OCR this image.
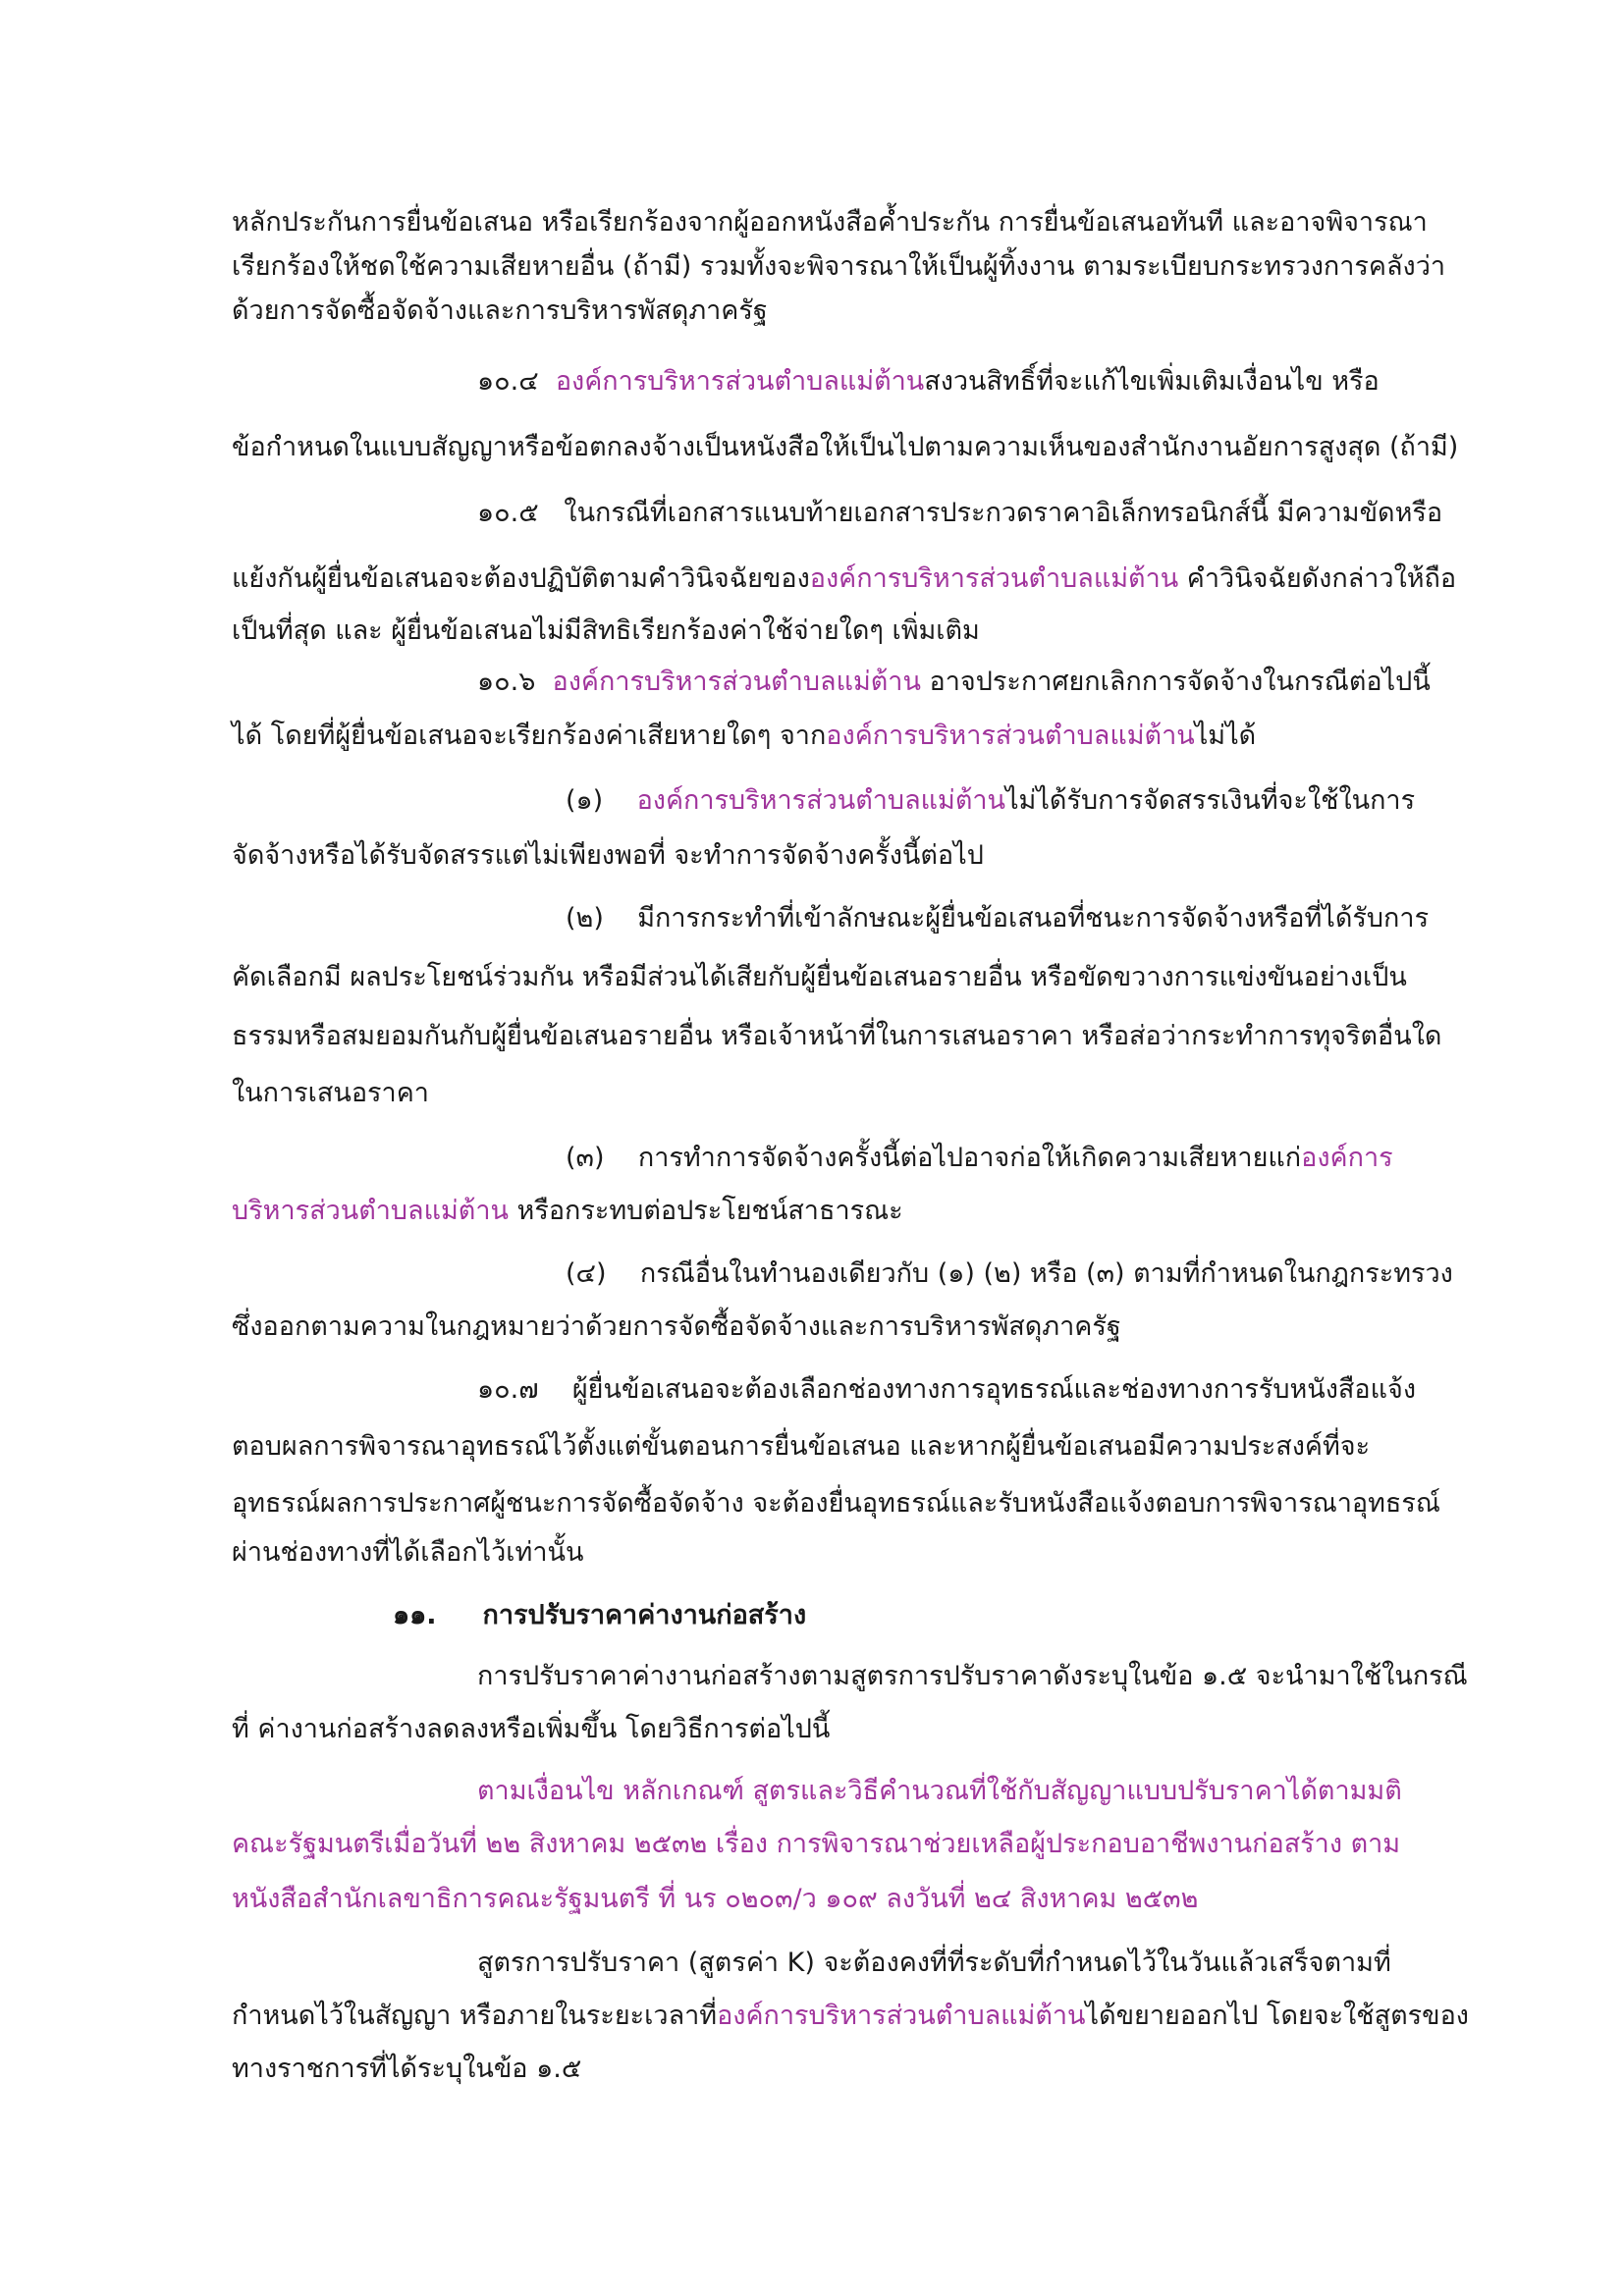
หลักประกันการยื่นข้อเสนอ หรือเรียกร้องจากผู้ออกหนังสือค้ำประกัน การยื่นข้อเสนอทันที และอาจพิจารณา
เรียกร้องให้ชดใช้ความเสียหายอื่น (ถ้ามี) รวมทั้งจะพิจารณาให้เป็นผู้ทิ้งงาน ตามระเบียบกระทรวงการคลังว่า
ด้วยการจัดซื้อจัดจ้างและการบริหารพัสดุภาครัฐ
๑๐.๔ องค์การบริหารส่วนตำบลแม่ต้านสงวนสิทธิ์ที่จะแก้ไขเพิ่มเติมเงื่อนไข หรือ
ข้อกำหนดในแบบสัญญาหรือข้อตกลงจ้างเป็นหนังสือให้เป็นไปตามความเห็นของสำนักงานอัยการสูงสุด (ถ้ามี)
๑๐.๕ ในกรณีที่เอกสารแนบท้ายเอกสารประกวดราคาอิเล็กทรอนิกส์นี้ มีความขัดหรือ
แย้งกันผู้ยื่นข้อเสนอจะต้องปฏิบัติตามคำวินิจฉัยขององค์การบริหารส่วนตำบลแม่ต้าน คำวินิจฉัยดังกล่าวให้ถือ
เป็นที่สุด และ ผู้ยื่นข้อเสนอไม่มีสิทธิเรียกร้องค่าใช้จ่ายใดๆ เพิ่มเติม
๑๐.๖ องค์การบริหารส่วนตำบลแม่ต้าน อาจประกาศยกเลิกการจัดจ้างในกรณีต่อไปนี้
ได้ โดยที่ผู้ยื่นข้อเสนอจะเรียกร้องค่าเสียหายใดๆ จากองค์การบริหารส่วนตำบลแม่ต้านไม่ได้
(๑) องค์การบริหารส่วนตำบลแม่ต้านไม่ได้รับการจัดสรรเงินที่จะใช้ในการ
จัดจ้างหรือได้รับจัดสรรแต่ไม่เพียงพอที่ จะทำการจัดจ้างครั้งนี้ต่อไป
(๒) มีการกระทำที่เข้าลักษณะผู้ยื่นข้อเสนอที่ชนะการจัดจ้างหรือที่ได้รับการ
คัดเลือกมี ผลประโยชน์ร่วมกัน หรือมีส่วนได้เสียกับผู้ยื่นข้อเสนอรายอื่น หรือขัดขวางการแข่งขันอย่างเป็น
ธรรมหรือสมยอมกันกับผู้ยื่นข้อเสนอรายอื่น หรือเจ้าหน้าที่ในการเสนอราคา หรือส่อว่ากระทำการทุจริตอื่นใด
ในการเสนอราคา
(๓) การทำการจัดจ้างครั้งนี้ต่อไปอาจก่อให้เกิดความเสียหายแก่องค์การ
บริหารส่วนตำบลแม่ต้าน หรือกระทบต่อประโยชน์สาธารณะ
(๔) กรณีอื่นในทำนองเดียวกับ (๑) (๒) หรือ (๓) ตามที่กำหนดในกฎกระทรวง
ซึ่งออกตามความในกฎหมายว่าด้วยการจัดซื้อจัดจ้างและการบริหารพัสดุภาครัฐ
๑๐.๗ ผู้ยื่นข้อเสนอจะต้องเลือกช่องทางการอุทธรณ์และช่องทางการรับหนังสือแจ้ง
ตอบผลการพิจารณาอุทธรณ์ไว้ตั้งแต่ขั้นตอนการยื่นข้อเสนอ และหากผู้ยื่นข้อเสนอมีความประสงค์ที่จะ
อุทธรณ์ผลการประกาศผู้ชนะการจัดซื้อจัดจ้าง จะต้องยื่นอุทธรณ์และรับหนังสือแจ้งตอบการพิจารณาอุทธรณ์
ผ่านช่องทางที่ได้เลือกไว้เท่านั้น
๑๑. การปรับราคาค่างานก่อสร้าง
การปรับราคาค่างานก่อสร้างตามสูตรการปรับราคาดังระบุในข้อ ๑.๕ จะนำมาใช้ในกรณี
ที่ ค่างานก่อสร้างลดลงหรือเพิ่มขึ้น โดยวิธีการต่อไปนี้
ตามเงื่อนไข หลักเกณฑ์ สูตรและวิธีคำนวณที่ใช้กับสัญญาแบบปรับราคาได้ตามมติ
คณะรัฐมนตรีเมื่อวันที่ ๒๒ สิงหาคม ๒๕๓๒ เรื่อง การพิจารณาช่วยเหลือผู้ประกอบอาชีพงานก่อสร้าง ตาม
หนังสือสำนักเลขาธิการคณะรัฐมนตรี ที่ นร ๐๒๐๓/ว ๑๐๙ ลงวันที่ ๒๔ สิงหาคม ๒๕๓๒
สูตรการปรับราคา (สูตรค่า K) จะต้องคงที่ที่ระดับที่กำหนดไว้ในวันแล้วเสร็จตามที่
กำหนดไว้ในสัญญา หรือภายในระยะเวลาที่องค์การบริหารส่วนตำบลแม่ต้านได้ขยายออกไป โดยจะใช้สูตรของ
ทางราชการที่ได้ระบุในข้อ ๑.๕
